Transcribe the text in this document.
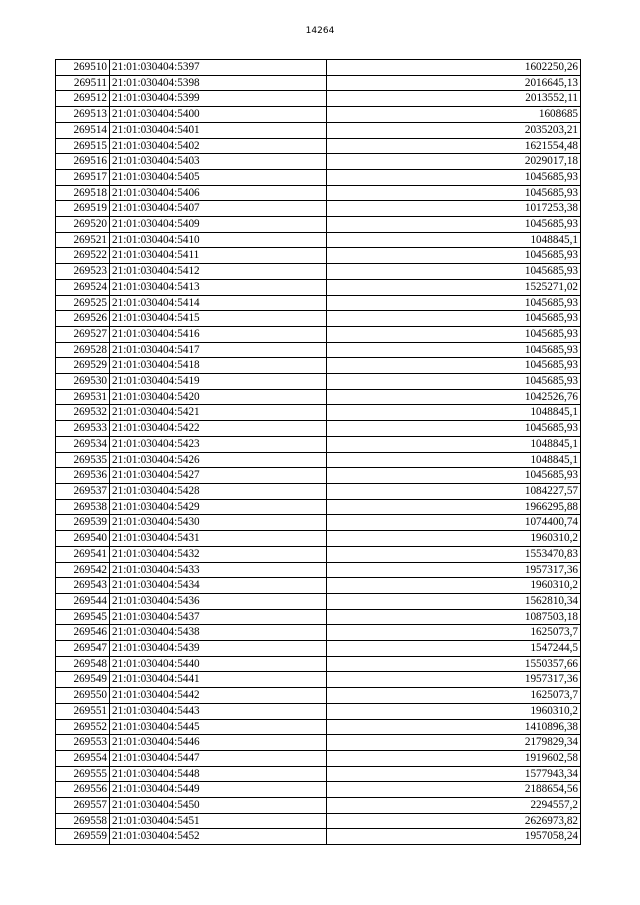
14264
269510	21:01:030404:5397	1602250,26
269511	21:01:030404:5398	2016645,13
269512	21:01:030404:5399	2013552,11
269513	21:01:030404:5400	1608685
269514	21:01:030404:5401	2035203,21
269515	21:01:030404:5402	1621554,48
269516	21:01:030404:5403	2029017,18
269517	21:01:030404:5405	1045685,93
269518	21:01:030404:5406	1045685,93
269519	21:01:030404:5407	1017253,38
269520	21:01:030404:5409	1045685,93
269521	21:01:030404:5410	1048845,1
269522	21:01:030404:5411	1045685,93
269523	21:01:030404:5412	1045685,93
269524	21:01:030404:5413	1525271,02
269525	21:01:030404:5414	1045685,93
269526	21:01:030404:5415	1045685,93
269527	21:01:030404:5416	1045685,93
269528	21:01:030404:5417	1045685,93
269529	21:01:030404:5418	1045685,93
269530	21:01:030404:5419	1045685,93
269531	21:01:030404:5420	1042526,76
269532	21:01:030404:5421	1048845,1
269533	21:01:030404:5422	1045685,93
269534	21:01:030404:5423	1048845,1
269535	21:01:030404:5426	1048845,1
269536	21:01:030404:5427	1045685,93
269537	21:01:030404:5428	1084227,57
269538	21:01:030404:5429	1966295,88
269539	21:01:030404:5430	1074400,74
269540	21:01:030404:5431	1960310,2
269541	21:01:030404:5432	1553470,83
269542	21:01:030404:5433	1957317,36
269543	21:01:030404:5434	1960310,2
269544	21:01:030404:5436	1562810,34
269545	21:01:030404:5437	1087503,18
269546	21:01:030404:5438	1625073,7
269547	21:01:030404:5439	1547244,5
269548	21:01:030404:5440	1550357,66
269549	21:01:030404:5441	1957317,36
269550	21:01:030404:5442	1625073,7
269551	21:01:030404:5443	1960310,2
269552	21:01:030404:5445	1410896,38
269553	21:01:030404:5446	2179829,34
269554	21:01:030404:5447	1919602,58
269555	21:01:030404:5448	1577943,34
269556	21:01:030404:5449	2188654,56
269557	21:01:030404:5450	2294557,2
269558	21:01:030404:5451	2626973,82
269559	21:01:030404:5452	1957058,24
